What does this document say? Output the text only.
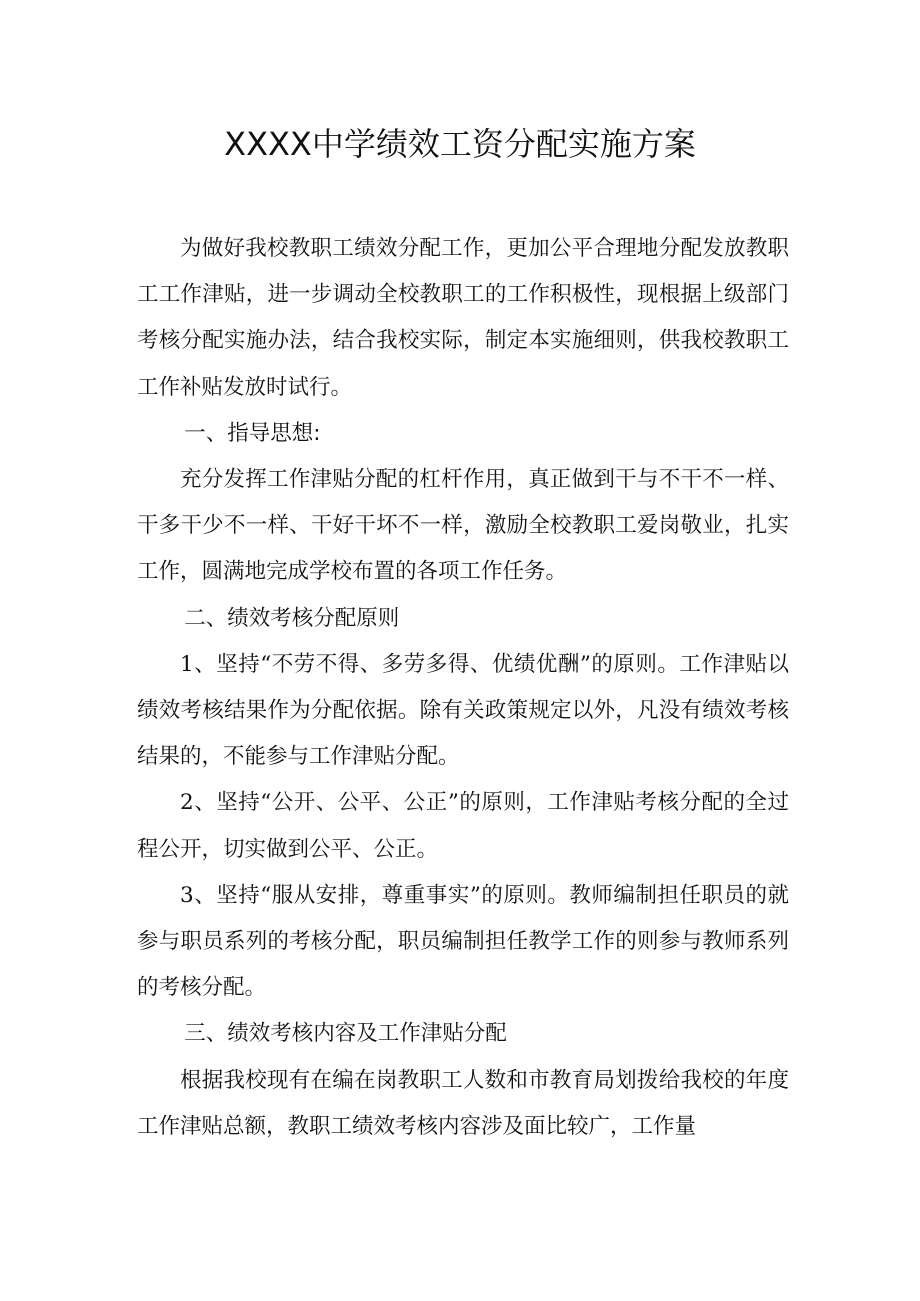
XXXX中学绩效工资分配实施方案

为做好我校教职工绩效分配工作，更加公平合理地分配发放教职工工作津贴，进一步调动全校教职工的工作积极性，现根据上级部门考核分配实施办法，结合我校实际，制定本实施细则，供我校教职工工作补贴发放时试行。

一、指导思想:

充分发挥工作津贴分配的杠杆作用，真正做到干与不干不一样、干多干少不一样、干好干坏不一样，激励全校教职工爱岗敬业，扎实工作，圆满地完成学校布置的各项工作任务。

二、绩效考核分配原则

1、坚持“不劳不得、多劳多得、优绩优酬”的原则。工作津贴以绩效考核结果作为分配依据。除有关政策规定以外，凡没有绩效考核结果的，不能参与工作津贴分配。

2、坚持“公开、公平、公正”的原则，工作津贴考核分配的全过程公开，切实做到公平、公正。

3、坚持“服从安排，尊重事实”的原则。教师编制担任职员的就参与职员系列的考核分配，职员编制担任教学工作的则参与教师系列的考核分配。

三、绩效考核内容及工作津贴分配

根据我校现有在编在岗教职工人数和市教育局划拨给我校的年度工作津贴总额，教职工绩效考核内容涉及面比较广，工作量
